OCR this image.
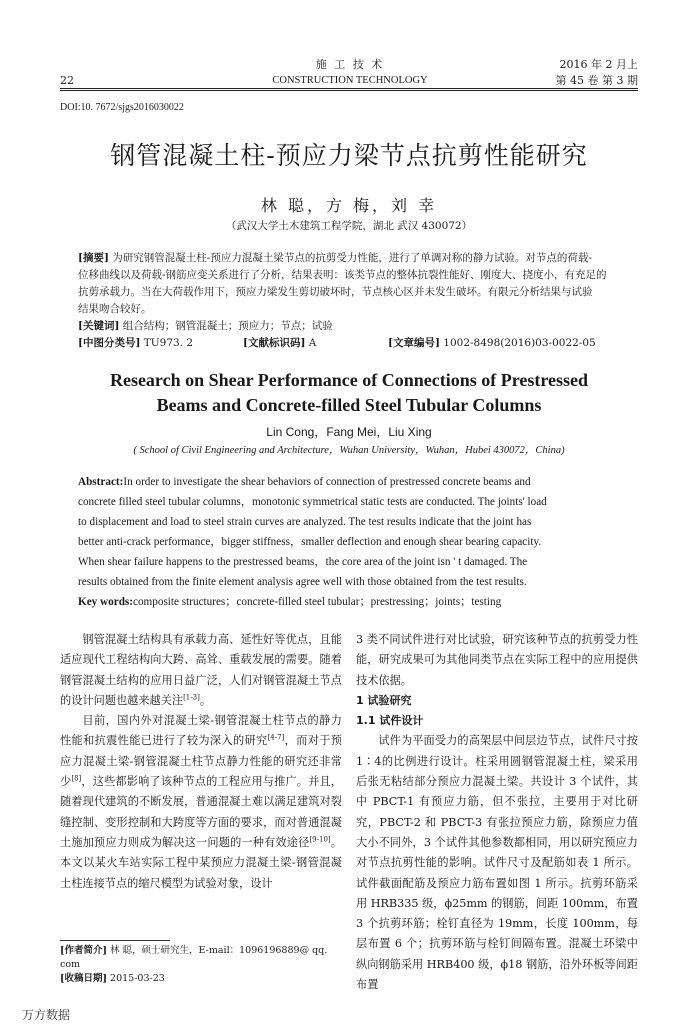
22
施 工 技 术
CONSTRUCTION TECHNOLOGY
2016 年 2 月上
第 45 卷 第 3 期
DOI:10. 7672/sjgs2016030022
钢管混凝土柱-预应力梁节点抗剪性能研究
林 聪，方 梅，刘 幸
（武汉大学土木建筑工程学院，湖北 武汉 430072）
[摘要] 为研究钢管混凝土柱-预应力混凝土梁节点的抗剪受力性能，进行了单调对称的静力试验。对节点的荷载-
位移曲线以及荷载-钢筋应变关系进行了分析，结果表明：该类节点的整体抗裂性能好、刚度大、挠度小，有充足的
抗剪承载力。当在大荷载作用下，预应力梁发生剪切破坏时，节点核心区并未发生破坏。有限元分析结果与试验
结果吻合较好。
[关键词] 组合结构；钢管混凝土；预应力；节点；试验
[中图分类号] TU973. 2	[文献标识码] A	[文章编号] 1002-8498(2016)03-0022-05
Research on Shear Performance of Connections of Prestressed
Beams and Concrete-filled Steel Tubular Columns
Lin Cong，Fang Mei，Liu Xing
( School of Civil Engineering and Architecture，Wuhan University，Wuhan，Hubei 430072，China)
Abstract:In order to investigate the shear behaviors of connection of prestressed concrete beams and
concrete filled steel tubular columns，monotonic symmetrical static tests are conducted. The joints' load
to displacement and load to steel strain curves are analyzed. The test results indicate that the joint has
better anti-crack performance，bigger stiffness，smaller deflection and enough shear bearing capacity.
When shear failure happens to the prestressed beams，the core area of the joint isn ' t damaged. The
results obtained from the finite element analysis agree well with those obtained from the test results.
Key words:composite structures；concrete-filled steel tubular；prestressing；joints；testing

钢管混凝土结构具有承载力高、延性好等优点，且能适应现代工程结构向大跨、高耸、重载发展的需要。随着钢管混凝土结构的应用日益广泛，人们对钢管混凝土节点的设计问题也越来越关注[1-3]。

目前，国内外对混凝土梁-钢管混凝土柱节点的静力性能和抗震性能已进行了较为深入的研究[4-7]，而对于预应力混凝土梁-钢管混凝土柱节点静力性能的研究还非常少[8]，这些都影响了该种节点的工程应用与推广。并且，随着现代建筑的不断发展，普通混凝土难以满足建筑对裂缝控制、变形控制和大跨度等方面的要求，而对普通混凝土施加预应力则成为解决这一问题的一种有效途径[9-10]。本文以某火车站实际工程中某预应力混凝土梁-钢管混凝土柱连接节点的缩尺模型为试验对象，设计

3 类不同试件进行对比试验，研究该种节点的抗剪受力性能，研究成果可为其他同类节点在实际工程中的应用提供技术依据。

1 试验研究

1.1 试件设计

试件为平面受力的高架层中间层边节点，试件尺寸按 1∶4的比例进行设计。柱采用圆钢管混凝土柱，梁采用后张无粘结部分预应力混凝土梁。共设计 3 个试件，其中 PBCT-1 有预应力筋，但不张拉，主要用于对比研究，PBCT-2 和 PBCT-3 有张拉预应力筋，除预应力值大小不同外，3 个试件其他参数都相同，用以研究预应力对节点抗剪性能的影响。试件尺寸及配筋如表 1 所示。试件截面配筋及预应力筋布置如图 1 所示。抗剪环筋采用 HRB335 级，ϕ25mm 的钢筋，间距 100mm，布置 3 个抗剪环筋；栓钉直径为 19mm，长度 100mm，每层布置 6 个；抗剪环筋与栓钉间隔布置。混凝土环梁中纵向钢筋采用 HRB400 级，ϕ18 钢筋，沿外环板等间距布置

[作者简介] 林 聪，硕士研究生，E-mail：1096196889@ qq. com
[收稿日期] 2015-03-23
万方数据
